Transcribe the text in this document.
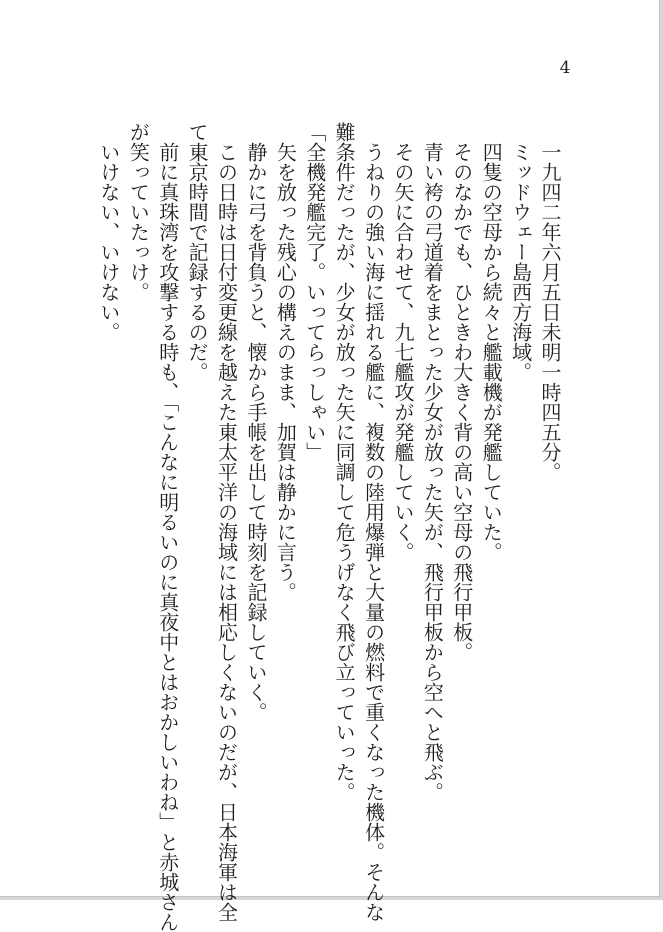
4
　一九四二年六月五日未明一時四五分。
　ミッドウェー島西方海域。
　四隻の空母から続々と艦載機が発艦していた。
　そのなかでも、ひときわ大きく背の高い空母の飛行甲板。
　青い袴の弓道着をまとった少女が放った矢が、飛行甲板から空へと飛ぶ。
　その矢に合わせて、九七艦攻が発艦していく。
　うねりの強い海に揺れる艦に、複数の陸用爆弾と大量の燃料で重くなった機体。そんな
難条件だったが、少女が放った矢に同調して危うげなく飛び立っていった。
「全機発艦完了。いってらっしゃい」
　矢を放った残心の構えのまま、加賀は静かに言う。
　静かに弓を背負うと、懐から手帳を出して時刻を記録していく。
　この日時は日付変更線を越えた東太平洋の海域には相応しくないのだが、日本海軍は全
て東京時間で記録するのだ。
　前に真珠湾を攻撃する時も、「こんなに明るいのに真夜中とはおかしいわね」と赤城さん
が笑っていたっけ。
　いけない、いけない。
